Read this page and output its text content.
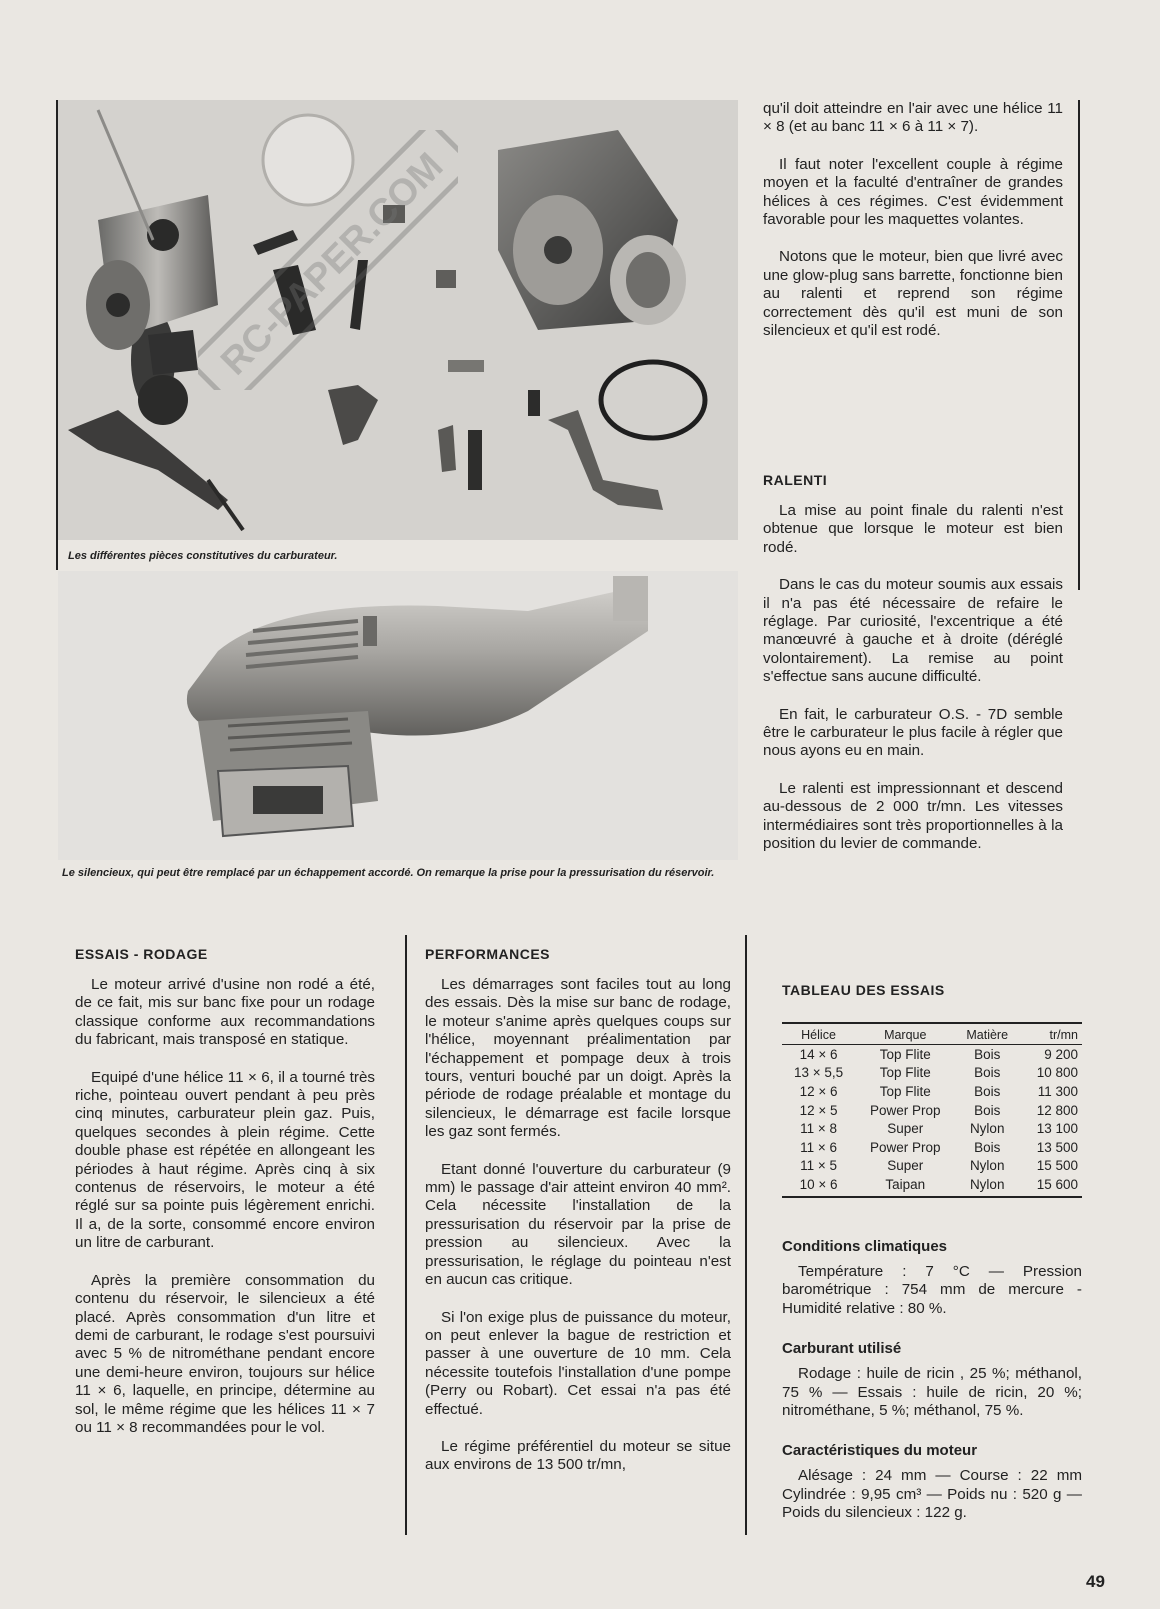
RC-PAPER.COM
Les différentes pièces constitutives du carburateur.
Le silencieux, qui peut être remplacé par un échappement accordé. On remarque la prise pour la pressurisation du réservoir.

qu'il doit atteindre en l'air avec une hélice 11 × 8 (et au banc 11 × 6 à 11 × 7).

Il faut noter l'excellent couple à régime moyen et la faculté d'entraîner de grandes hélices à ces régimes. C'est évidemment favorable pour les maquettes volantes.

Notons que le moteur, bien que livré avec une glow-plug sans barrette, fonctionne bien au ralenti et reprend son régime correctement dès qu'il est muni de son silencieux et qu'il est rodé.

RALENTI

La mise au point finale du ralenti n'est obtenue que lorsque le moteur est bien rodé.

Dans le cas du moteur soumis aux essais il n'a pas été nécessaire de refaire le réglage. Par curiosité, l'excentrique a été manœuvré à gauche et à droite (déréglé volontairement). La remise au point s'effectue sans aucune difficulté.

En fait, le carburateur O.S. - 7D semble être le carburateur le plus facile à régler que nous ayons eu en main.

Le ralenti est impressionnant et descend au-dessous de 2 000 tr/mn. Les vitesses intermédiaires sont très proportionnelles à la position du levier de commande.

ESSAIS - RODAGE

Le moteur arrivé d'usine non rodé a été, de ce fait, mis sur banc fixe pour un rodage classique conforme aux recommandations du fabricant, mais transposé en statique.

Equipé d'une hélice 11 × 6, il a tourné très riche, pointeau ouvert pendant à peu près cinq minutes, carburateur plein gaz. Puis, quelques secondes à plein régime. Cette double phase est répétée en allongeant les périodes à haut régime. Après cinq à six contenus de réservoirs, le moteur a été réglé sur sa pointe puis légèrement enrichi. Il a, de la sorte, consommé encore environ un litre de carburant.

Après la première consommation du contenu du réservoir, le silencieux a été placé. Après consommation d'un litre et demi de carburant, le rodage s'est poursuivi avec 5 % de nitrométhane pendant encore une demi-heure environ, toujours sur hélice 11 × 6, laquelle, en principe, détermine au sol, le même régime que les hélices 11 × 7 ou 11 × 8 recommandées pour le vol.

PERFORMANCES

Les démarrages sont faciles tout au long des essais. Dès la mise sur banc de rodage, le moteur s'anime après quelques coups sur l'hélice, moyennant préalimentation par l'échappement et pompage deux à trois tours, venturi bouché par un doigt. Après la période de rodage préalable et montage du silencieux, le démarrage est facile lorsque les gaz sont fermés.

Etant donné l'ouverture du carburateur (9 mm) le passage d'air atteint environ 40 mm². Cela nécessite l'installation de la pressurisation du réservoir par la prise de pression au silencieux. Avec la pressurisation, le réglage du pointeau n'est en aucun cas critique.

Si l'on exige plus de puissance du moteur, on peut enlever la bague de restriction et passer à une ouverture de 10 mm. Cela nécessite toutefois l'installation d'une pompe (Perry ou Robart). Cet essai n'a pas été effectué.

Le régime préférentiel du moteur se situe aux environs de 13 500 tr/mn,

TABLEAU DES ESSAIS
Hélice	Marque	Matière	tr/mn
14 × 6	Top Flite	Bois	9 200
13 × 5,5	Top Flite	Bois	10 800
12 × 6	Top Flite	Bois	11 300
12 × 5	Power Prop	Bois	12 800
11 × 8	Super	Nylon	13 100
11 × 6	Power Prop	Bois	13 500
11 × 5	Super	Nylon	15 500
10 × 6	Taipan	Nylon	15 600
Conditions climatiques

Température : 7 °C — Pression barométrique : 754 mm de mercure - Humidité relative : 80 %.

Carburant utilisé

Rodage : huile de ricin , 25 %; méthanol, 75 % — Essais : huile de ricin, 20 %; nitrométhane, 5 %; méthanol, 75 %.

Caractéristiques du moteur

Alésage : 24 mm — Course : 22 mm Cylindrée : 9,95 cm³ — Poids nu : 520 g — Poids du silencieux : 122 g.

49
